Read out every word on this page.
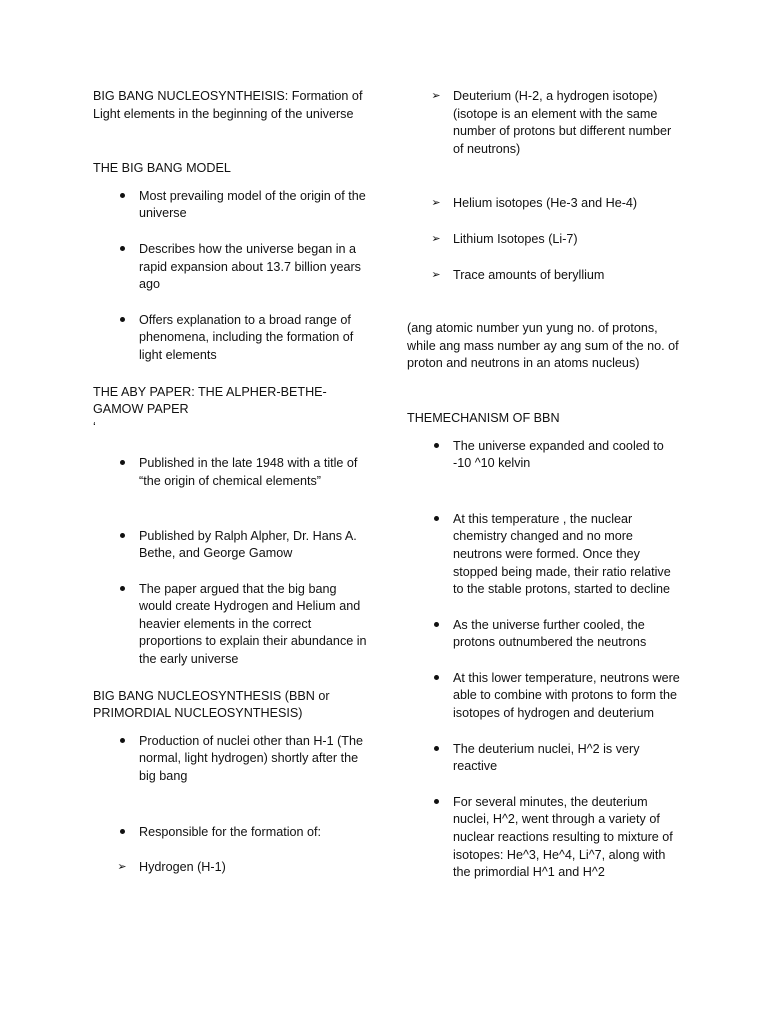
BIG BANG NUCLEOSYNTHEISIS: Formation of Light elements in the beginning of the universe

THE BIG BANG MODEL

Most prevailing model of the origin of the universe
Describes how the universe began in a rapid expansion about 13.7 billion years ago
Offers explanation to a broad range of phenomena, including the formation of light elements

THE ABY PAPER: THE ALPHER-BETHE-GAMOW PAPER

‘

Published in the late 1948 with a title of “the origin of chemical elements”
Published by Ralph Alpher, Dr. Hans A. Bethe, and George Gamow
The paper argued that the big bang would create Hydrogen and Helium and heavier elements in the correct proportions to explain their abundance in the early universe

BIG BANG NUCLEOSYNTHESIS (BBN or PRIMORDIAL NUCLEOSYNTHESIS)

Production of nuclei other than H-1 (The normal, light hydrogen) shortly after the big bang
Responsible for the formation of:
➢ Hydrogen (H-1)
➢ Deuterium (H-2, a hydrogen isotope) (isotope is an element with the same number of protons but different number of neutrons)
➢ Helium isotopes (He-3 and He-4)
➢ Lithium Isotopes (Li-7)
➢ Trace amounts of beryllium

(ang atomic number yun yung no. of protons, while ang mass number ay ang sum of the no. of proton and neutrons in an atoms nucleus)

THEMECHANISM OF BBN

The universe expanded and cooled to -10 ^10 kelvin
At this temperature , the nuclear chemistry changed and no more neutrons were formed. Once they stopped being made, their ratio relative to the stable protons, started to decline
As the universe further cooled, the protons outnumbered the neutrons
At this lower temperature, neutrons were able to combine with protons to form the isotopes of hydrogen and deuterium
The deuterium nuclei, H^2 is very reactive
For several minutes, the deuterium nuclei, H^2, went through a variety of nuclear reactions resulting to mixture of isotopes: He^3, He^4, Li^7, along with the primordial H^1 and H^2
